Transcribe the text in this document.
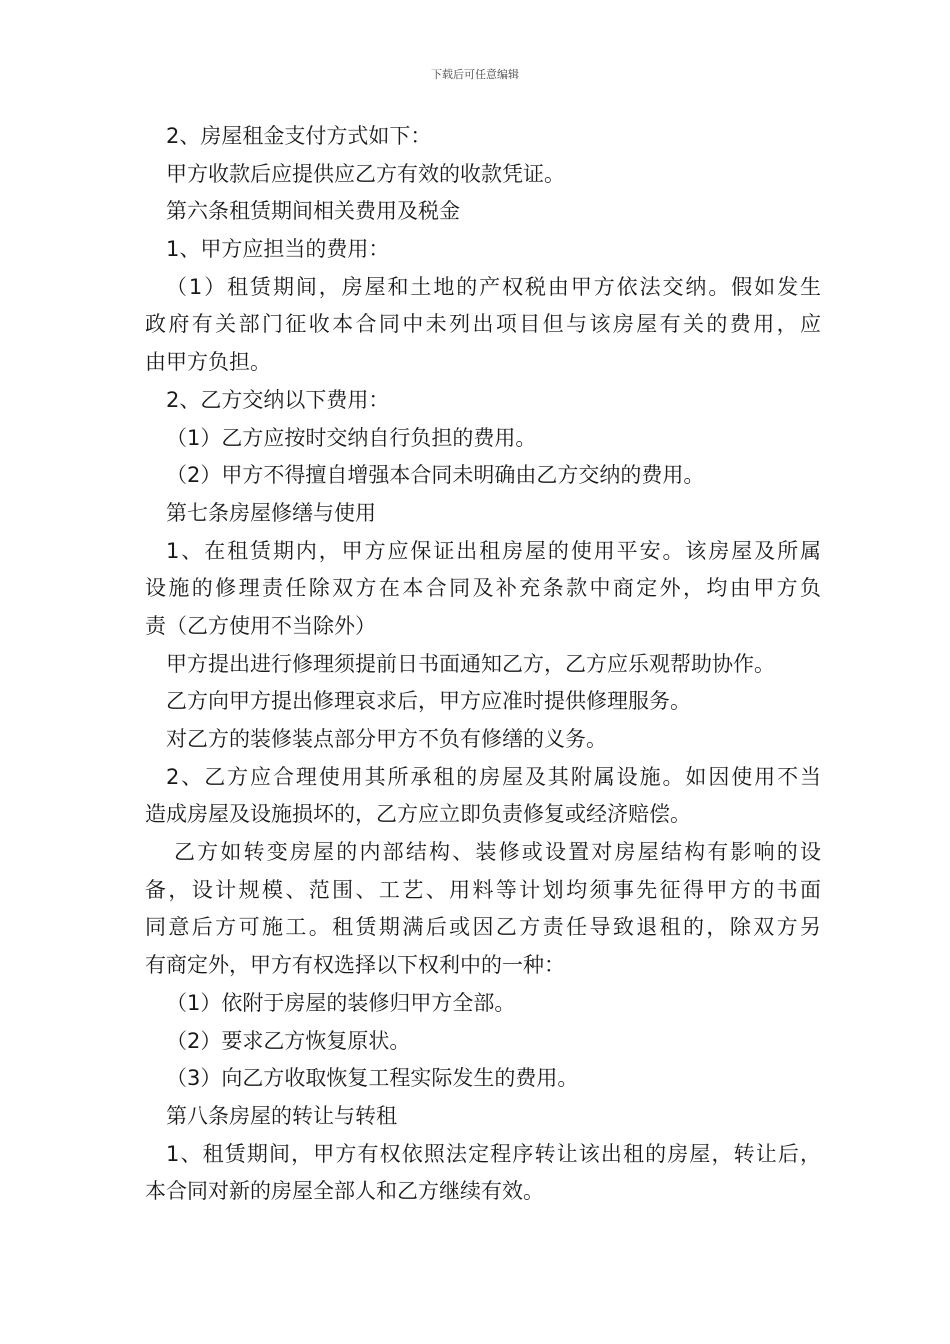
下载后可任意编辑
2、房屋租金支付方式如下：
甲方收款后应提供应乙方有效的收款凭证。
第六条租赁期间相关费用及税金
1、甲方应担当的费用：
（1）租赁期间，房屋和土地的产权税由甲方依法交纳。假如发生
政府有关部门征收本合同中未列出项目但与该房屋有关的费用，应
由甲方负担。
2、乙方交纳以下费用：
（1）乙方应按时交纳自行负担的费用。
（2）甲方不得擅自增强本合同未明确由乙方交纳的费用。
第七条房屋修缮与使用
1、在租赁期内，甲方应保证出租房屋的使用平安。该房屋及所属
设施的修理责任除双方在本合同及补充条款中商定外，均由甲方负
责（乙方使用不当除外）
甲方提出进行修理须提前日书面通知乙方，乙方应乐观帮助协作。
乙方向甲方提出修理哀求后，甲方应准时提供修理服务。
对乙方的装修装点部分甲方不负有修缮的义务。
2、乙方应合理使用其所承租的房屋及其附属设施。如因使用不当
造成房屋及设施损坏的，乙方应立即负责修复或经济赔偿。
乙方如转变房屋的内部结构、装修或设置对房屋结构有影响的设
备，设计规模、范围、工艺、用料等计划均须事先征得甲方的书面
同意后方可施工。租赁期满后或因乙方责任导致退租的，除双方另
有商定外，甲方有权选择以下权利中的一种：
（1）依附于房屋的装修归甲方全部。
（2）要求乙方恢复原状。
（3）向乙方收取恢复工程实际发生的费用。
第八条房屋的转让与转租
1、租赁期间，甲方有权依照法定程序转让该出租的房屋，转让后，
本合同对新的房屋全部人和乙方继续有效。
